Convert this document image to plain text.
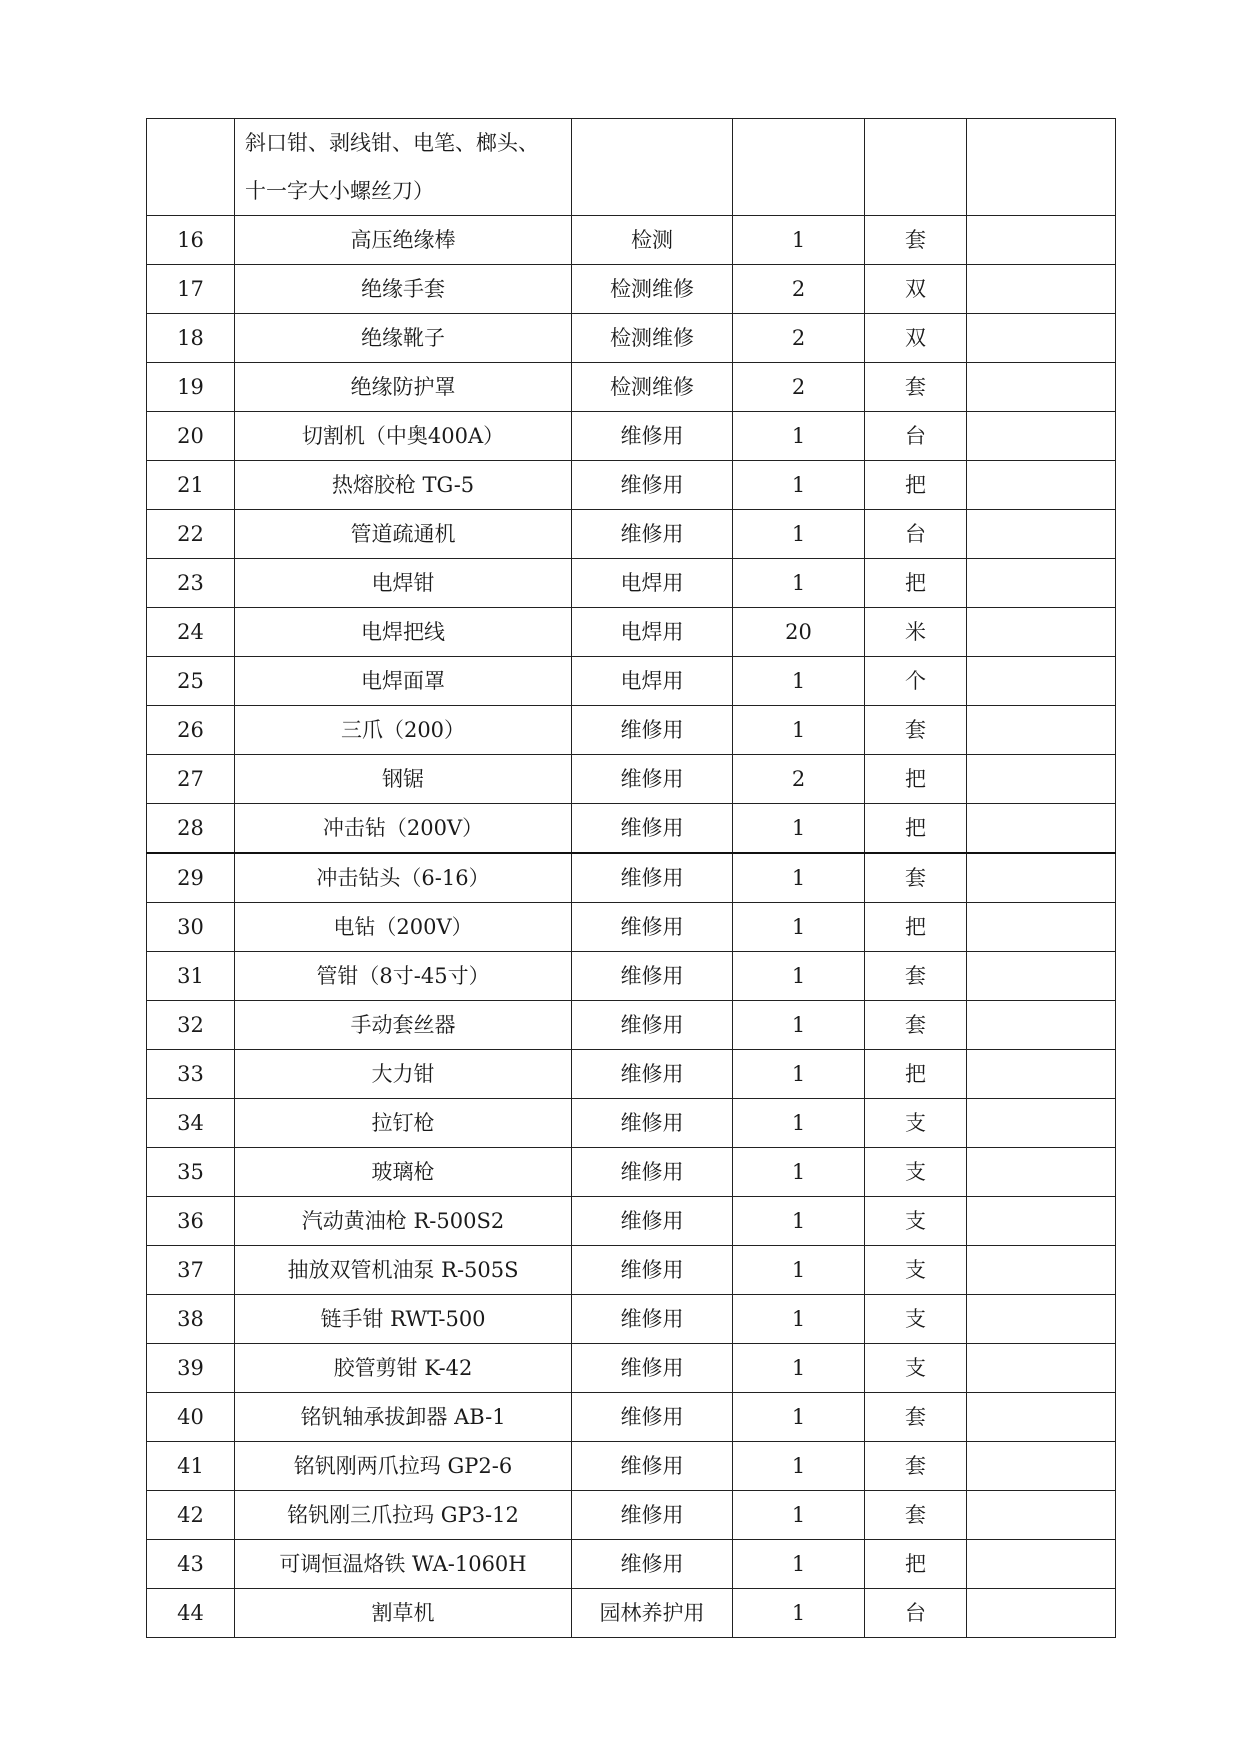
	斜口钳、剥线钳、电笔、榔头、
十一字大小螺丝刀）				

16	高压绝缘棒	检测	1	套	
17	绝缘手套	检测维修	2	双	
18	绝缘靴子	检测维修	2	双	
19	绝缘防护罩	检测维修	2	套	
20	切割机（中奥400A）	维修用	1	台	
21	热熔胶枪 TG-5	维修用	1	把	
22	管道疏通机	维修用	1	台	
23	电焊钳	电焊用	1	把	
24	电焊把线	电焊用	20	米	
25	电焊面罩	电焊用	1	个	
26	三爪（200）	维修用	1	套	
27	钢锯	维修用	2	把	
28	冲击钻（200V）	维修用	1	把	
29	冲击钻头（6-16）	维修用	1	套	
30	电钻（200V）	维修用	1	把	
31	管钳（8寸-45寸）	维修用	1	套	
32	手动套丝器	维修用	1	套	
33	大力钳	维修用	1	把	
34	拉钉枪	维修用	1	支	
35	玻璃枪	维修用	1	支	
36	汽动黄油枪 R-500S2	维修用	1	支	
37	抽放双管机油泵 R-505S	维修用	1	支	
38	链手钳 RWT-500	维修用	1	支	
39	胶管剪钳 K-42	维修用	1	支	
40	铭钒轴承拔卸器 AB-1	维修用	1	套	
41	铭钒刚两爪拉玛 GP2-6	维修用	1	套	
42	铭钒刚三爪拉玛 GP3-12	维修用	1	套	
43	可调恒温烙铁 WA-1060H	维修用	1	把	
44	割草机	园林养护用	1	台	
